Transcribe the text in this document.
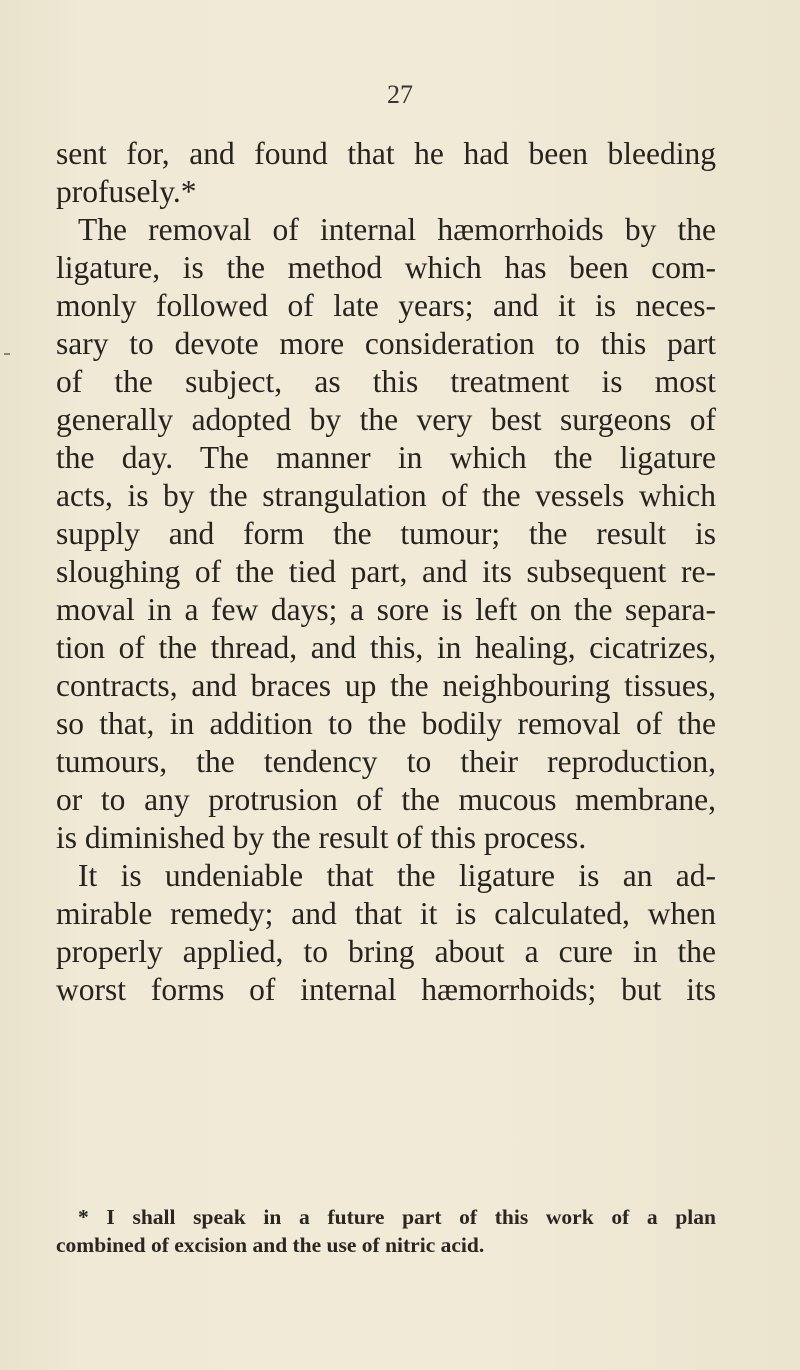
27
sent for, and found that he had been bleeding
profusely.*
The removal of internal hæmorrhoids by the
ligature, is the method which has been com-
monly followed of late years; and it is neces-
sary to devote more consideration to this part
of the subject, as this treatment is most
generally adopted by the very best surgeons of
the day. The manner in which the ligature
acts, is by the strangulation of the vessels which
supply and form the tumour; the result is
sloughing of the tied part, and its subsequent re-
moval in a few days; a sore is left on the separa-
tion of the thread, and this, in healing, cicatrizes,
contracts, and braces up the neighbouring tissues,
so that, in addition to the bodily removal of the
tumours, the tendency to their reproduction,
or to any protrusion of the mucous membrane,
is diminished by the result of this process.
It is undeniable that the ligature is an ad-
mirable remedy; and that it is calculated, when
properly applied, to bring about a cure in the
worst forms of internal hæmorrhoids; but its
* I shall speak in a future part of this work of a plan
combined of excision and the use of nitric acid.
